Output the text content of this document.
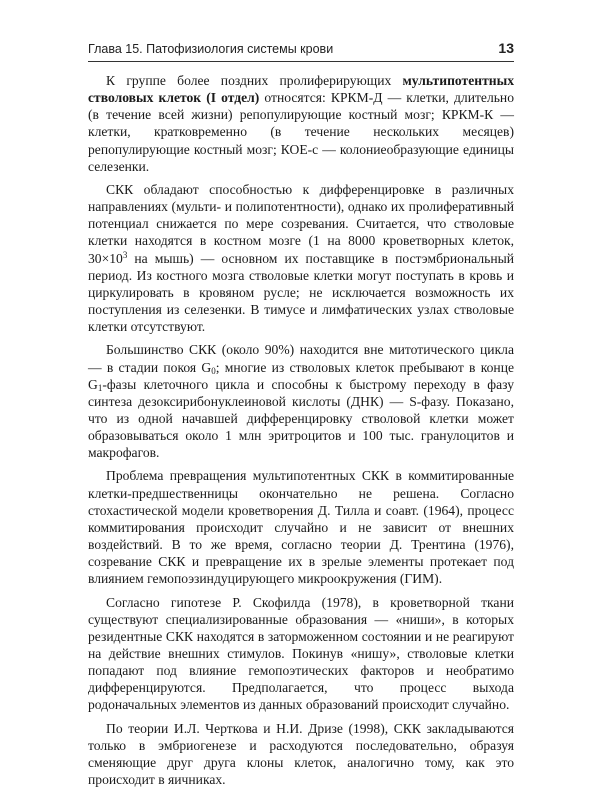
Глава 15. Патофизиология системы крови	13

К группе более поздних пролиферирующих мультипотентных стволовых клеток (I отдел) относятся: КРКМ-Д — клетки, длительно (в течение всей жизни) репопулирующие костный мозг; КРКМ-К — клетки, кратковременно (в течение нескольких месяцев) репопулирующие костный мозг; КОЕ-с — колониеобразующие единицы селезенки.

СКК обладают способностью к дифференцировке в различных направлениях (мульти- и полипотентности), однако их пролиферативный потенциал снижается по мере созревания. Считается, что стволовые клетки находятся в костном мозге (1 на 8000 кроветворных клеток, $30\times 10^3$ на мышь) — основном их поставщике в постэмбриональный период. Из костного мозга стволовые клетки могут поступать в кровь и циркулировать в кровяном русле; не исключается возможность их поступления из селезенки. В тимусе и лимфатических узлах стволовые клетки отсутствуют.

Большинство СКК (около 90%) находится вне митотического цикла — в стадии покоя $G_0$; многие из стволовых клеток пребывают в конце $G_1$-фазы клеточного цикла и способны к быстрому переходу в фазу синтеза дезоксирибонуклеиновой кислоты (ДНК) — S-фазу. Показано, что из одной начавшей дифференцировку стволовой клетки может образовываться около 1 млн эритроцитов и 100 тыс. гранулоцитов и макрофагов.

Проблема превращения мультипотентных СКК в коммитированные клетки-предшественницы окончательно не решена. Согласно стохастической модели кроветворения Д. Тилла и соавт. (1964), процесс коммитирования происходит случайно и не зависит от внешних воздействий. В то же время, согласно теории Д. Трентина (1976), созревание СКК и превращение их в зрелые элементы протекает под влиянием гемопоэзиндуцирующего микроокружения (ГИМ).

Согласно гипотезе Р. Скофилда (1978), в кроветворной ткани существуют специализированные образования — «ниши», в которых резидентные СКК находятся в заторможенном состоянии и не реагируют на действие внешних стимулов. Покинув «нишу», стволовые клетки попадают под влияние гемопоэтических факторов и необратимо дифференцируются. Предполагается, что процесс выхода родоначальных элементов из данных образований происходит случайно.

По теории И.Л. Черткова и Н.И. Дризе (1998), СКК закладываются только в эмбриогенезе и расходуются последовательно, образуя сменяющие друг друга клоны клеток, аналогично тому, как это происходит в яичниках.
